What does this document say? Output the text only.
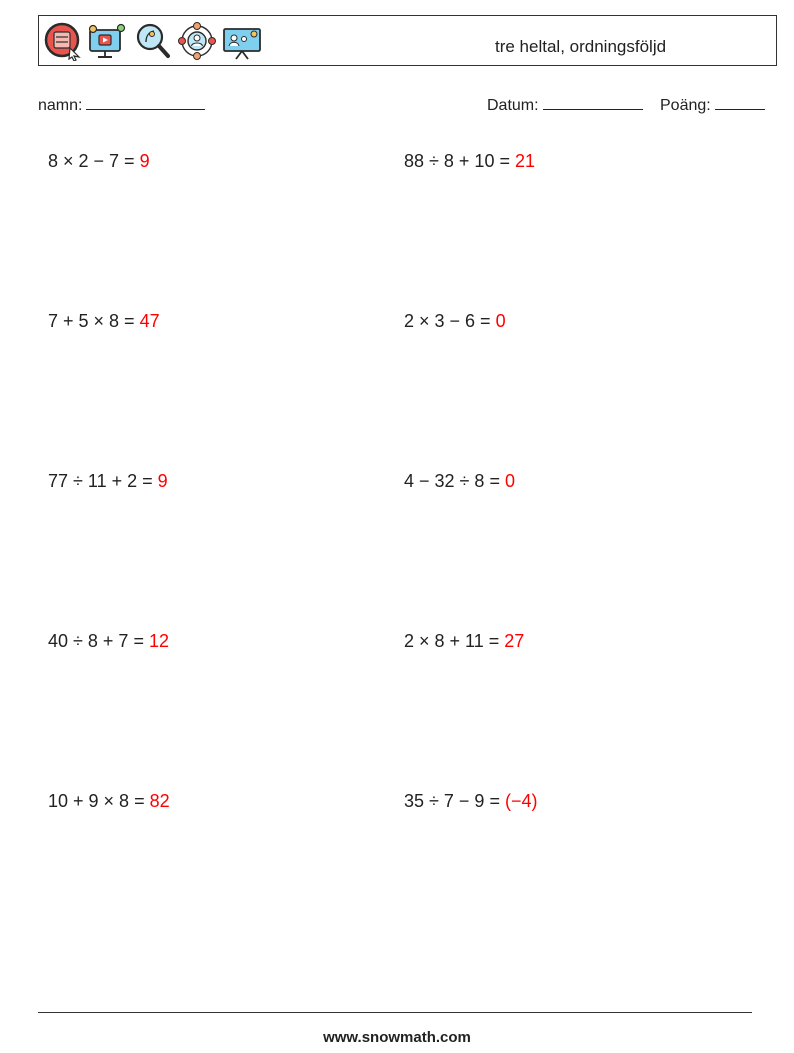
tre heltal, ordningsföljd
namn:	Datum:	Poäng:
8 × 2 − 7 = 9	88 ÷ 8 + 10 = 21
7 + 5 × 8 = 47	2 × 3 − 6 = 0
77 ÷ 11 + 2 = 9	4 − 32 ÷ 8 = 0
40 ÷ 8 + 7 = 12	2 × 8 + 11 = 27
10 + 9 × 8 = 82	35 ÷ 7 − 9 = (−4)
www.snowmath.com
